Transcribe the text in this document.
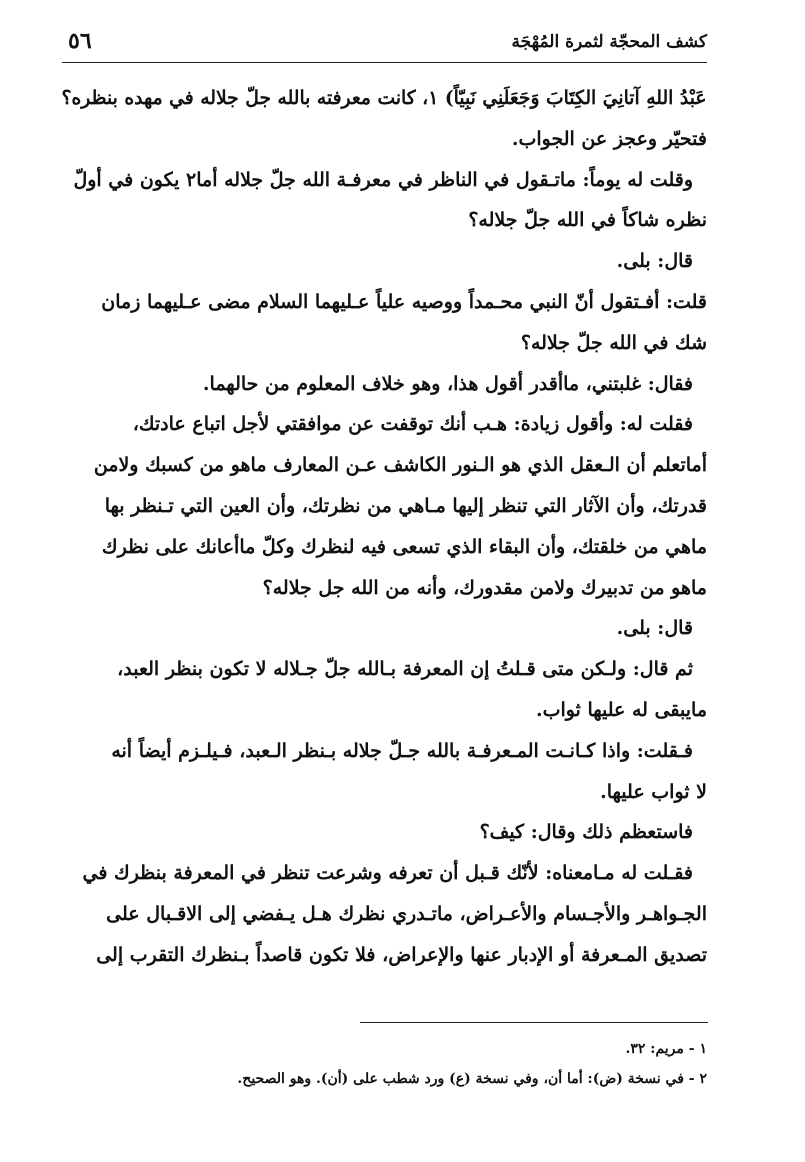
كشف المحجّة لثمرة المُهْجَة
٥٦
عَبْدُ اللهِ آتانِيَ الكِتَابَ وَجَعَلَنِي نَبِيّاً) ١، كانت معرفته بالله جلّ جلاله في مهده بنظره؟
فتحيّر وعجز عن الجواب.
وقلت له يوماً: ماتـقول في الناظر في معرفـة الله جلّ جلاله أما٢ يكون في أولّ
نظره شاكاً في الله جلّ جلاله؟
قال: بلى.
قلت: أفـتقول أنّ النبي محـمداً ووصيه علياً عـليهما السلام مضى عـليهما زمان
شك في الله جلّ جلاله؟
فقال: غلبتني، ماأقدر أقول هذا، وهو خلاف المعلوم من حالهما.
فقلت له: وأقول زيادة: هـب أنك توقفت عن موافقتي لأجل اتباع عادتك،
أماتعلم أن الـعقل الذي هو الـنور الكاشف عـن المعارف ماهو من كسبك ولامن
قدرتك، وأن الآثار التي تنظر إليها مـاهي من نظرتك، وأن العين التي تـنظر بها
ماهي من خلقتك، وأن البقاء الذي تسعى فيه لنظرك وكلّ ماأعانك على نظرك
ماهو من تدبيرك ولامن مقدورك، وأنه من الله جل جلاله؟
قال: بلى.
ثم قال: ولـكن متى قـلتُ إن المعرفة بـالله جلّ جـلاله لا تكون بنظر العبد،
مايبقى له عليها ثواب.
فـقلت: واذا كـانـت المـعرفـة بالله جـلّ جلاله بـنظر الـعبد، فـيلـزم أيضاً أنه
لا ثواب عليها.
فاستعظم ذلك وقال: كيف؟
فقـلت له مـامعناه: لأنّك قـبل أن تعرفه وشرعت تنظر في المعرفة بنظرك في
الجـواهـر والأجـسام والأعـراض، ماتـدري نظرك هـل يـفضي إلى الاقـبال على
تصديق المـعرفة أو الإدبار عنها والإعراض، فلا تكون قاصداً بـنظرك التقرب إلى
١ - مريم: ٣٢.
٢ - في نسخة (ض): أما أن، وفي نسخة (ع) ورد شطب على (أن). وهو الصحيح.
